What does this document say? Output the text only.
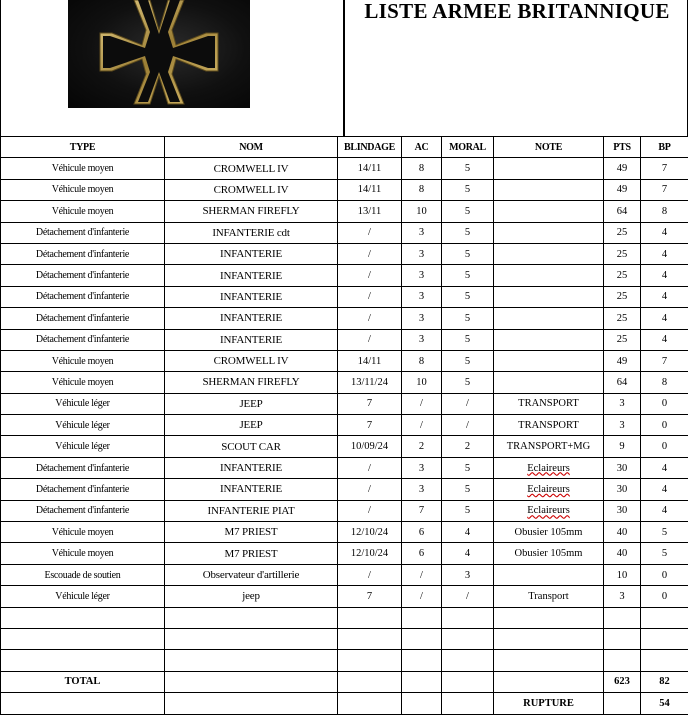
LISTE ARMEE BRITANNIQUE
TYPE	NOM	BLINDAGE	AC	MORAL	NOTE	PTS	BP
Véhicule moyen	CROMWELL IV	14/11	8	5		49	7
Véhicule moyen	CROMWELL IV	14/11	8	5		49	7
Véhicule moyen	SHERMAN FIREFLY	13/11	10	5		64	8
Détachement d'infanterie	INFANTERIE cdt	/	3	5		25	4
Détachement d'infanterie	INFANTERIE	/	3	5		25	4
Détachement d'infanterie	INFANTERIE	/	3	5		25	4
Détachement d'infanterie	INFANTERIE	/	3	5		25	4
Détachement d'infanterie	INFANTERIE	/	3	5		25	4
Détachement d'infanterie	INFANTERIE	/	3	5		25	4
Véhicule moyen	CROMWELL IV	14/11	8	5		49	7
Véhicule moyen	SHERMAN FIREFLY	13/11/24	10	5		64	8
Véhicule léger	JEEP	7	/	/	TRANSPORT	3	0
Véhicule léger	JEEP	7	/	/	TRANSPORT	3	0
Véhicule léger	SCOUT CAR	10/09/24	2	2	TRANSPORT+MG	9	0
Détachement d'infanterie	INFANTERIE	/	3	5	Eclaireurs	30	4
Détachement d'infanterie	INFANTERIE	/	3	5	Eclaireurs	30	4
Détachement d'infanterie	INFANTERIE PIAT	/	7	5	Eclaireurs	30	4
Véhicule moyen	M7 PRIEST	12/10/24	6	4	Obusier 105mm	40	5
Véhicule moyen	M7 PRIEST	12/10/24	6	4	Obusier 105mm	40	5
Escouade de soutien	Observateur d'artillerie	/	/	3		10	0
Véhicule léger	jeep	7	/	/	Transport	3	0

TOTAL						623	82
					RUPTURE		54
